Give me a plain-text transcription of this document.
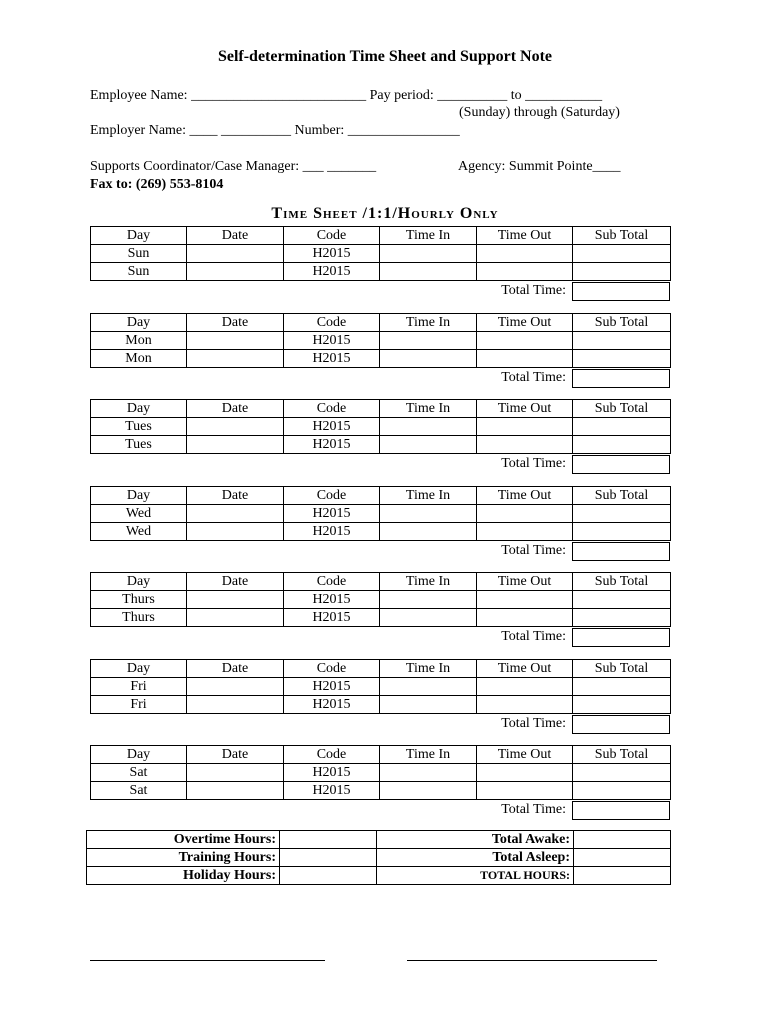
Self-determination Time Sheet and Support Note
Employee Name: _________________________ Pay period: __________ to ___________
(Sunday) through (Saturday)
Employer Name: ____ __________ Number: ________________
Supports Coordinator/Case Manager: ___ _______	Agency: Summit Pointe____
Fax to: (269) 553-8104
Time Sheet /1:1/Hourly Only
Day	Date	Code	Time In	Time Out	Sub Total
Sun		H2015			
Sun		H2015			
Total Time:
Day	Date	Code	Time In	Time Out	Sub Total
Mon		H2015			
Mon		H2015			
Total Time:
Day	Date	Code	Time In	Time Out	Sub Total
Tues		H2015			
Tues		H2015			
Total Time:
Day	Date	Code	Time In	Time Out	Sub Total
Wed		H2015			
Wed		H2015			
Total Time:
Day	Date	Code	Time In	Time Out	Sub Total
Thurs		H2015			
Thurs		H2015			
Total Time:
Day	Date	Code	Time In	Time Out	Sub Total
Fri		H2015			
Fri		H2015			
Total Time:
Day	Date	Code	Time In	Time Out	Sub Total
Sat		H2015			
Sat		H2015			
Total Time:
Overtime Hours:		Total Awake:	
Training Hours:		Total Asleep:	
Holiday Hours:		TOTAL HOURS:	
